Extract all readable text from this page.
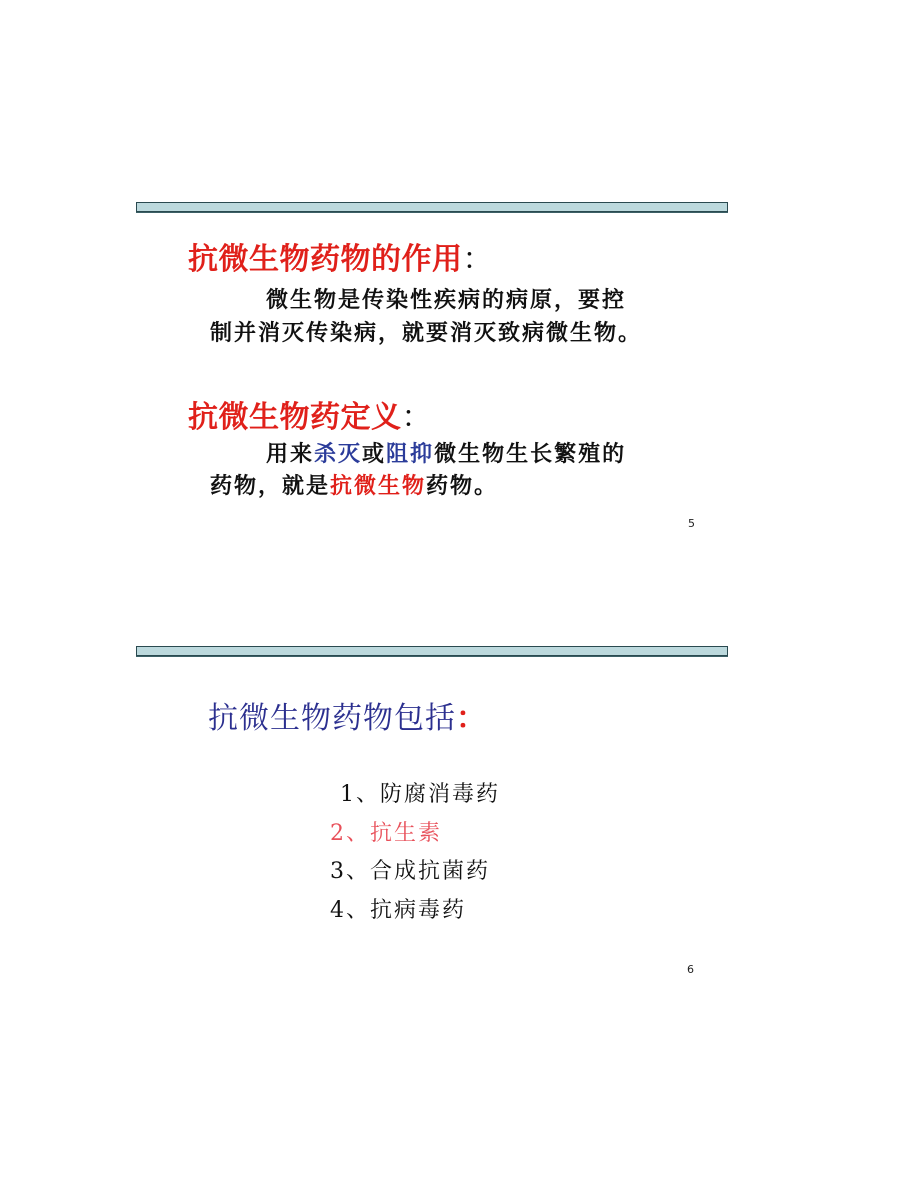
抗微生物药物的作用：
微生物是传染性疾病的病原，要控
制并消灭传染病，就要消灭致病微生物。
抗微生物药定义：
用来杀灭或阻抑微生物生长繁殖的
药物，就是抗微生物药物。
5
抗微生物药物包括：
1、防腐消毒药
2、抗生素
3、合成抗菌药
4、抗病毒药
6
